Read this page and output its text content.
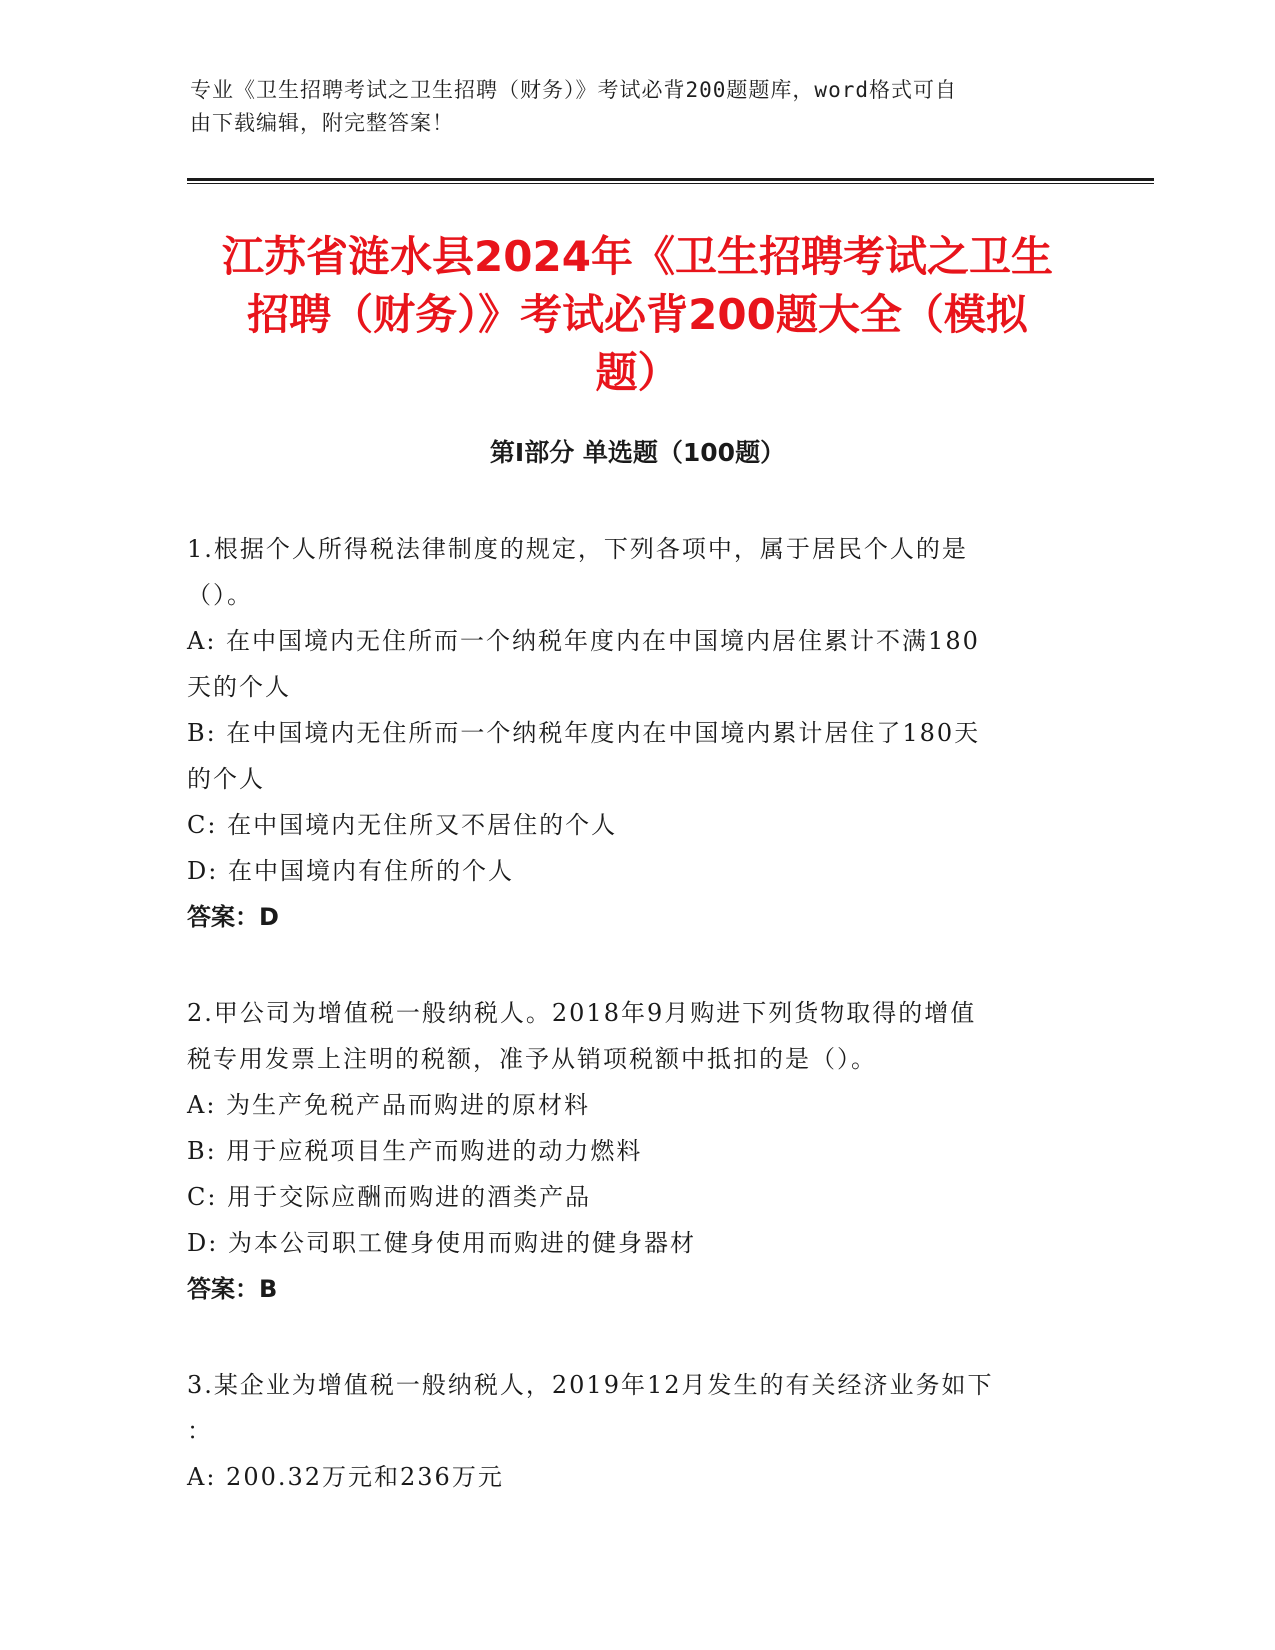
专业《卫生招聘考试之卫生招聘（财务）》考试必背200题题库，word格式可自
由下载编辑，附完整答案！
江苏省涟水县2024年《卫生招聘考试之卫生
招聘（财务）》考试必背200题大全（模拟
题）
第Ⅰ部分 单选题（100题）
1.根据个人所得税法律制度的规定，下列各项中，属于居民个人的是
（）。
A: 在中国境内无住所而一个纳税年度内在中国境内居住累计不满180
天的个人
B: 在中国境内无住所而一个纳税年度内在中国境内累计居住了180天
的个人
C: 在中国境内无住所又不居住的个人
D: 在中国境内有住所的个人
答案：D
2.甲公司为增值税一般纳税人。2018年9月购进下列货物取得的增值
税专用发票上注明的税额，准予从销项税额中抵扣的是（）。
A: 为生产免税产品而购进的原材料
B: 用于应税项目生产而购进的动力燃料
C: 用于交际应酬而购进的酒类产品
D: 为本公司职工健身使用而购进的健身器材
答案：B
3.某企业为增值税一般纳税人，2019年12月发生的有关经济业务如下
：
A: 200.32万元和236万元
